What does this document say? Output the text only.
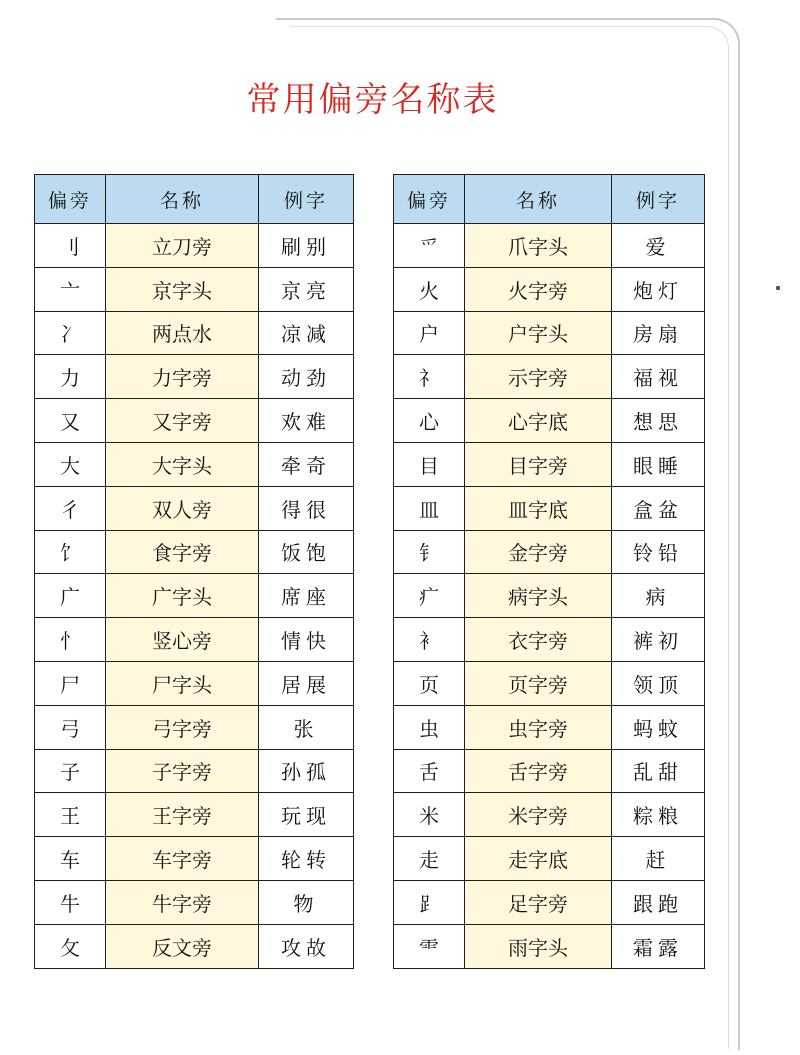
常用偏旁名称表
偏旁	名称	例字
刂	立刀旁	刷别
亠	京字头	京亮
冫	两点水	凉减
力	力字旁	动劲
又	又字旁	欢难
大	大字头	牵奇
彳	双人旁	得很
饣	食字旁	饭饱
广	广字头	席座
忄	竖心旁	情快
尸	尸字头	居展
弓	弓字旁	张
子	子字旁	孙孤
王	王字旁	玩现
车	车字旁	轮转
牛	牛字旁	物
攵	反文旁	攻故
偏旁	名称	例字
爫	爪字头	爱
火	火字旁	炮灯
户	户字头	房扇
礻	示字旁	福视
心	心字底	想思
目	目字旁	眼睡
皿	皿字底	盒盆
钅	金字旁	铃铅
疒	病字头	病
衤	衣字旁	裤初
页	页字旁	领顶
虫	虫字旁	蚂蚊
舌	舌字旁	乱甜
米	米字旁	粽粮
走	走字底	赶
⻊	足字旁	跟跑
⻗	雨字头	霜露
